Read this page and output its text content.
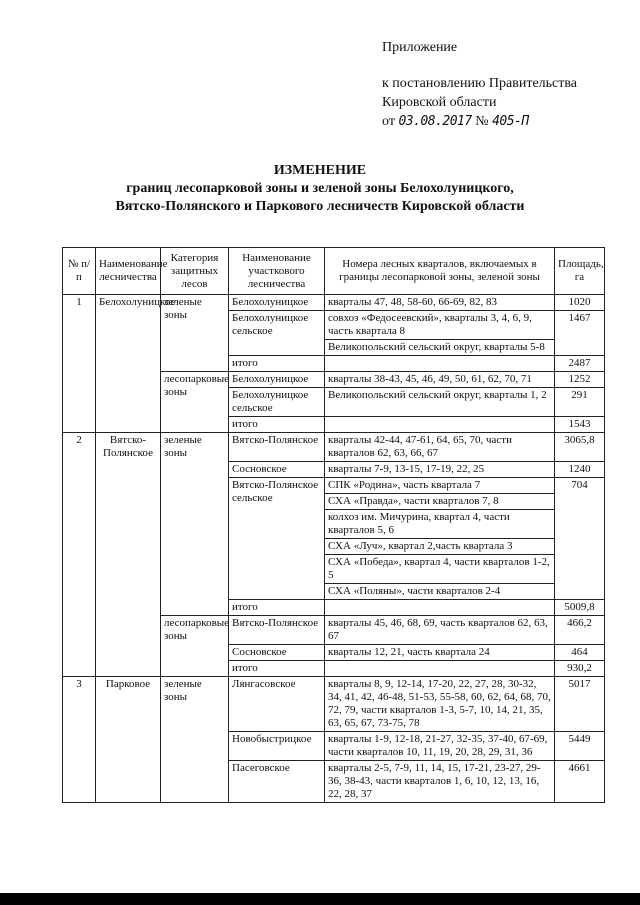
Приложение
к постановлению Правительства
Кировской области
от 03.08.2017 № 405-П
ИЗМЕНЕНИЕ
границ лесопарковой зоны и зеленой зоны Белохолуницкого,
Вятско-Полянского и Паркового лесничеств Кировской области
№ п/п	Наименование лесничества	Категория защитных лесов	Наименование участкового лесничества	Номера лесных кварталов, включаемых в границы лесопарковой зоны, зеленой зоны	Площадь, га
1	Белохолуницкое	зеленые зоны	Белохолуницкое	кварталы 47, 48, 58-60, 66-69, 82, 83	1020
			Белохолуницкое сельское	совхоз «Федосеевский», кварталы 3, 4, 6, 9, часть квартала 8	1467
				Великопольский сельский округ, кварталы 5-8	
			итого		2487
		лесопарковые зоны	Белохолуницкое	кварталы 38-43, 45, 46, 49, 50, 61, 62, 70, 71	1252
			Белохолуницкое сельское	Великопольский сельский округ, кварталы 1, 2	291
			итого		1543
2	Вятско-Полянское	зеленые зоны	Вятско-Полянское	кварталы 42-44, 47-61, 64, 65, 70, части кварталов 62, 63, 66, 67	3065,8
			Сосновское	кварталы 7-9, 13-15, 17-19, 22, 25	1240
			Вятско-Полянское сельское	СПК «Родина», часть квартала 7	704
				СХА «Правда», части кварталов 7, 8	
				колхоз им. Мичурина, квартал 4, части кварталов 5, 6	
				СХА «Луч», квартал 2,часть квартала 3	
				СХА «Победа», квартал 4, части кварталов 1-2, 5	
				СХА «Поляны», части кварталов 2-4	
			итого		5009,8
		лесопарковые зоны	Вятско-Полянское	кварталы 45, 46, 68, 69, часть кварталов 62, 63, 67	466,2
			Сосновское	кварталы 12, 21, часть квартала 24	464
			итого		930,2
3	Парковое	зеленые зоны	Лянгасовское	кварталы 8, 9, 12-14, 17-20, 22, 27, 28, 30-32, 34, 41, 42, 46-48, 51-53, 55-58, 60, 62, 64, 68, 70, 72, 79, части кварталов 1-3, 5-7, 10, 14, 21, 35, 63, 65, 67, 73-75, 78	5017
			Новобыстрицкое	кварталы 1-9, 12-18, 21-27, 32-35, 37-40, 67-69, части кварталов 10, 11, 19, 20, 28, 29, 31, 36	5449
			Пасеговское	кварталы 2-5, 7-9, 11, 14, 15, 17-21, 23-27, 29-36, 38-43, части кварталов 1, 6, 10, 12, 13, 16, 22, 28, 37	4661
